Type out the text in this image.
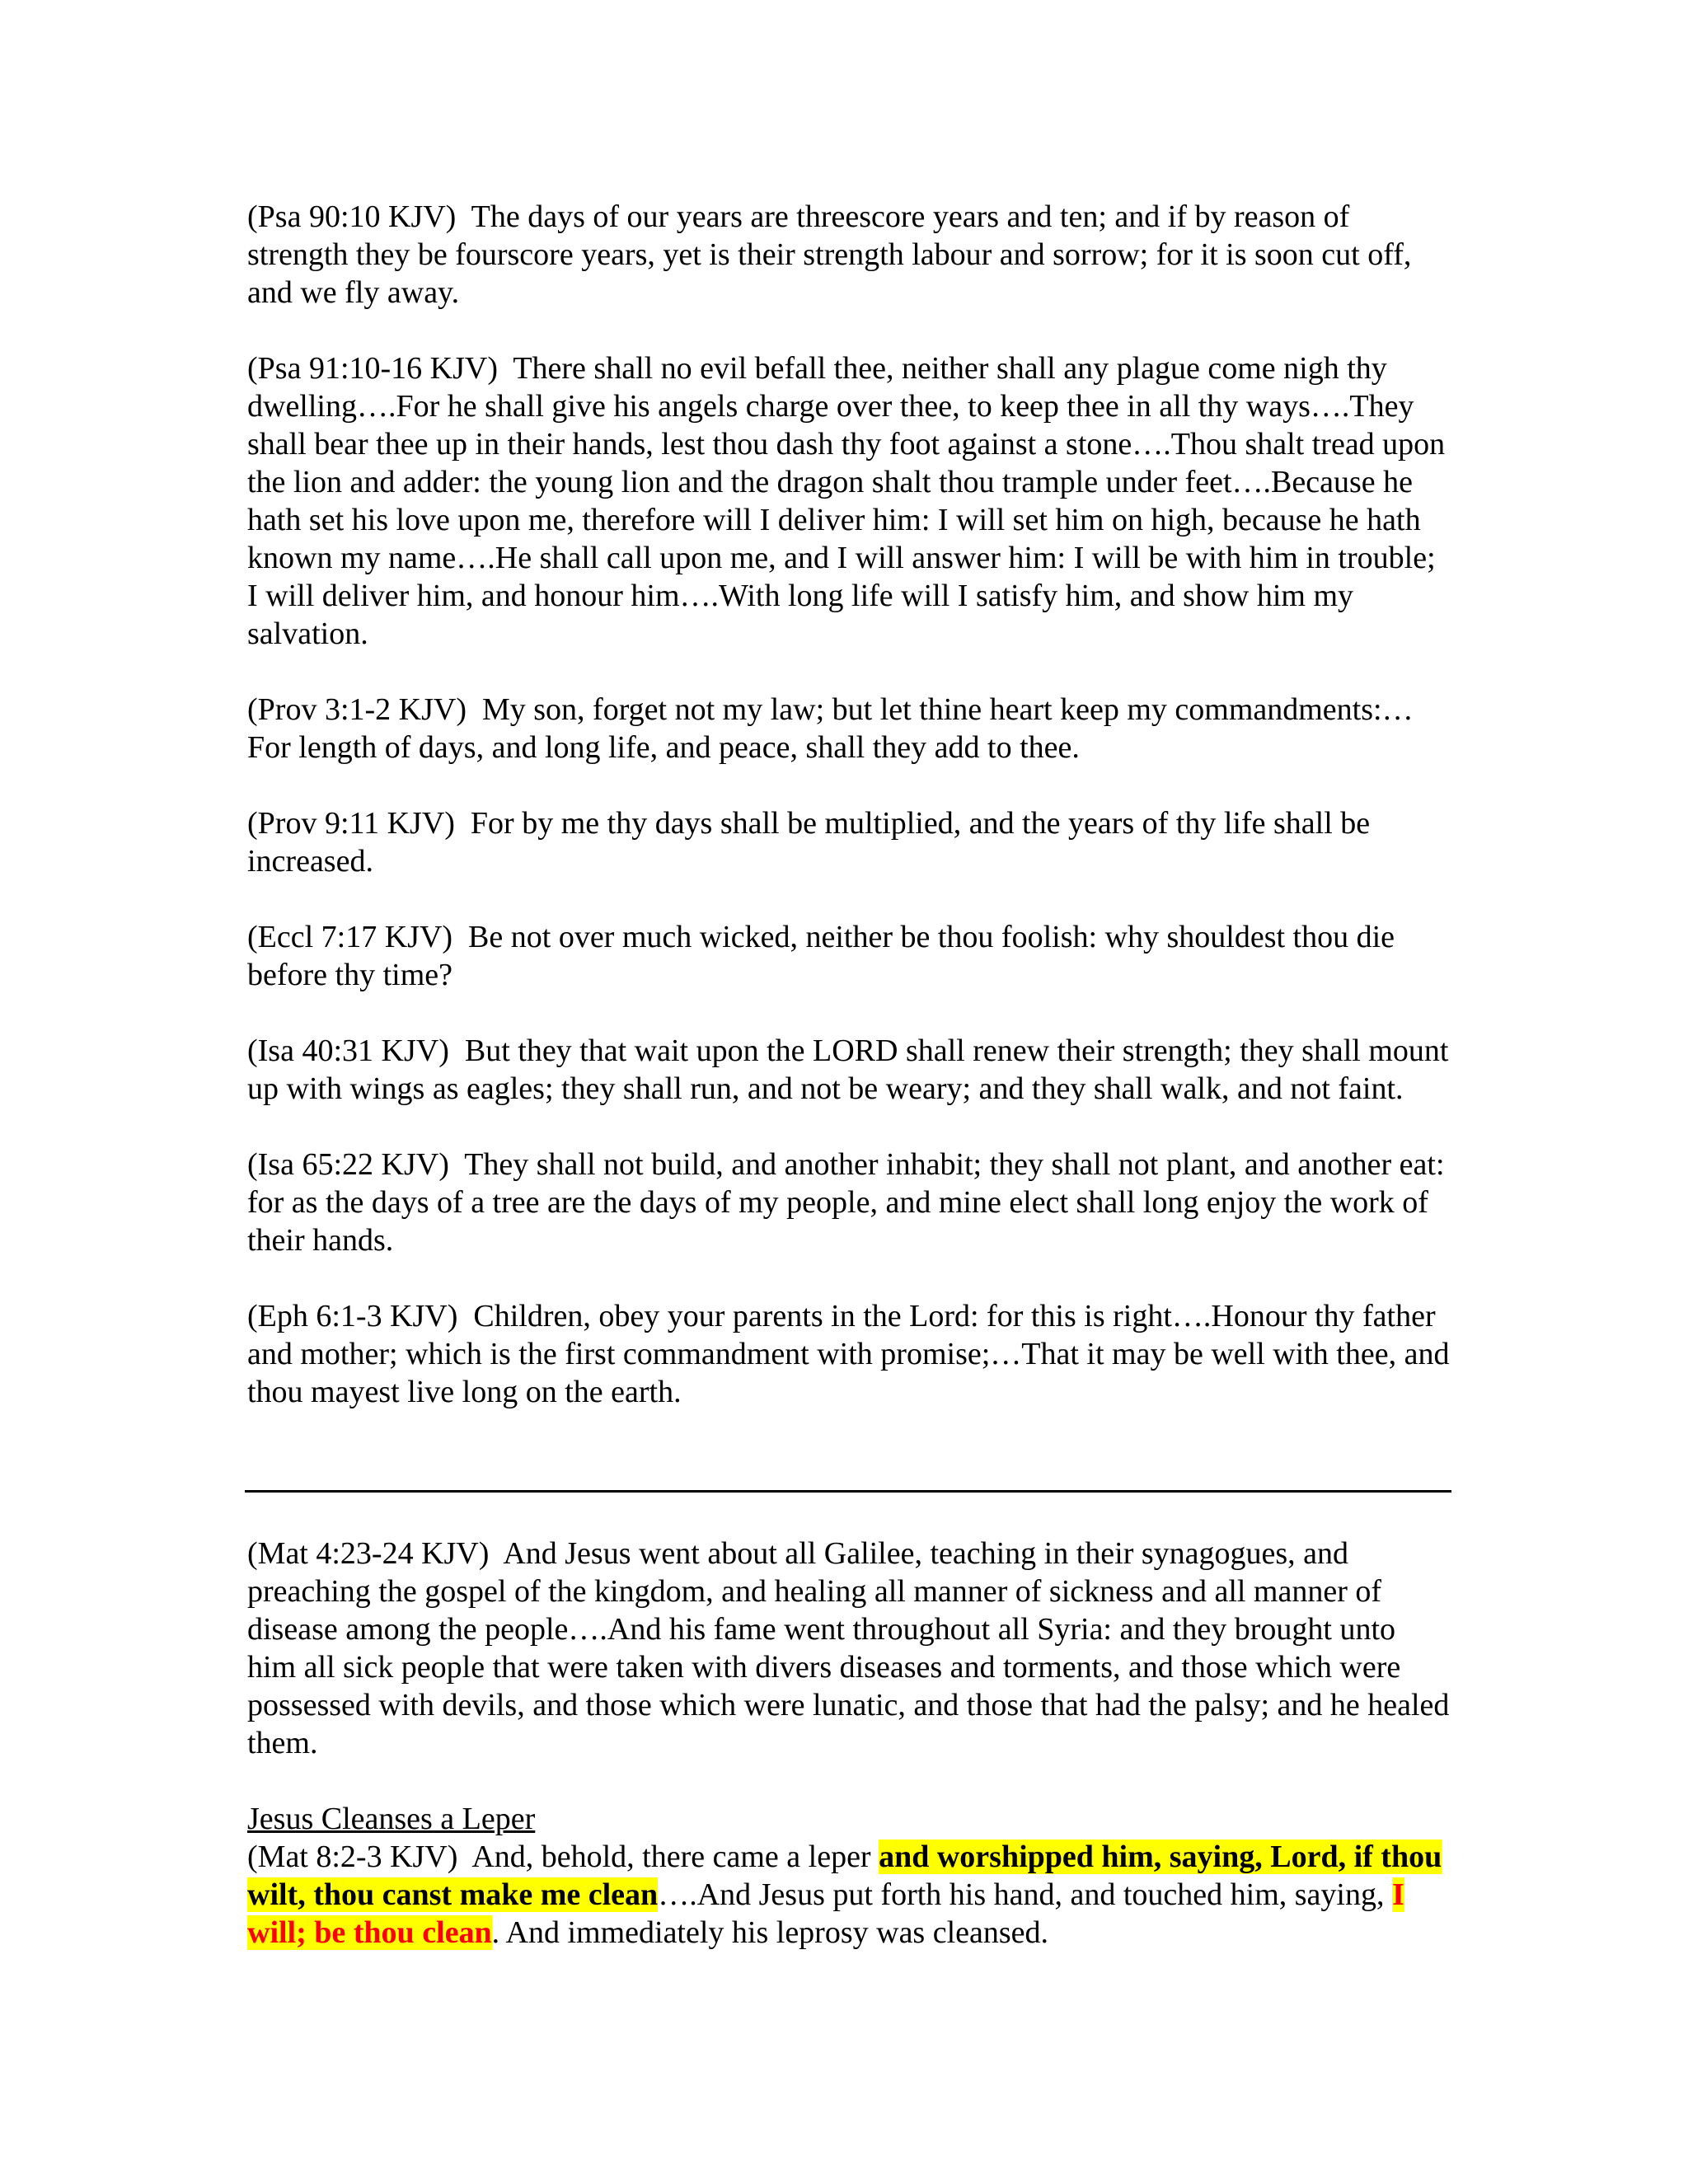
(Psa 90:10 KJV) The days of our years are threescore years and ten; and if by reason of strength they be fourscore years, yet is their strength labour and sorrow; for it is soon cut off, and we fly away.

(Psa 91:10-16 KJV) There shall no evil befall thee, neither shall any plague come nigh thy dwelling….For he shall give his angels charge over thee, to keep thee in all thy ways….They shall bear thee up in their hands, lest thou dash thy foot against a stone….Thou shalt tread upon the lion and adder: the young lion and the dragon shalt thou trample under feet….Because he hath set his love upon me, therefore will I deliver him: I will set him on high, because he hath known my name….He shall call upon me, and I will answer him: I will be with him in trouble; I will deliver him, and honour him….With long life will I satisfy him, and show him my salvation.

(Prov 3:1-2 KJV) My son, forget not my law; but let thine heart keep my commandments:…For length of days, and long life, and peace, shall they add to thee.

(Prov 9:11 KJV) For by me thy days shall be multiplied, and the years of thy life shall be increased.

(Eccl 7:17 KJV) Be not over much wicked, neither be thou foolish: why shouldest thou die before thy time?

(Isa 40:31 KJV) But they that wait upon the LORD shall renew their strength; they shall mount up with wings as eagles; they shall run, and not be weary; and they shall walk, and not faint.

(Isa 65:22 KJV) They shall not build, and another inhabit; they shall not plant, and another eat: for as the days of a tree are the days of my people, and mine elect shall long enjoy the work of their hands.

(Eph 6:1-3 KJV) Children, obey your parents in the Lord: for this is right….Honour thy father and mother; which is the first commandment with promise;…That it may be well with thee, and thou mayest live long on the earth.

(Mat 4:23-24 KJV) And Jesus went about all Galilee, teaching in their synagogues, and preaching the gospel of the kingdom, and healing all manner of sickness and all manner of disease among the people….And his fame went throughout all Syria: and they brought unto him all sick people that were taken with divers diseases and torments, and those which were possessed with devils, and those which were lunatic, and those that had the palsy; and he healed them.

Jesus Cleanses a Leper

(Mat 8:2-3 KJV) And, behold, there came a leper and worshipped him, saying, Lord, if thou wilt, thou canst make me clean….And Jesus put forth his hand, and touched him, saying, I will; be thou clean. And immediately his leprosy was cleansed.
